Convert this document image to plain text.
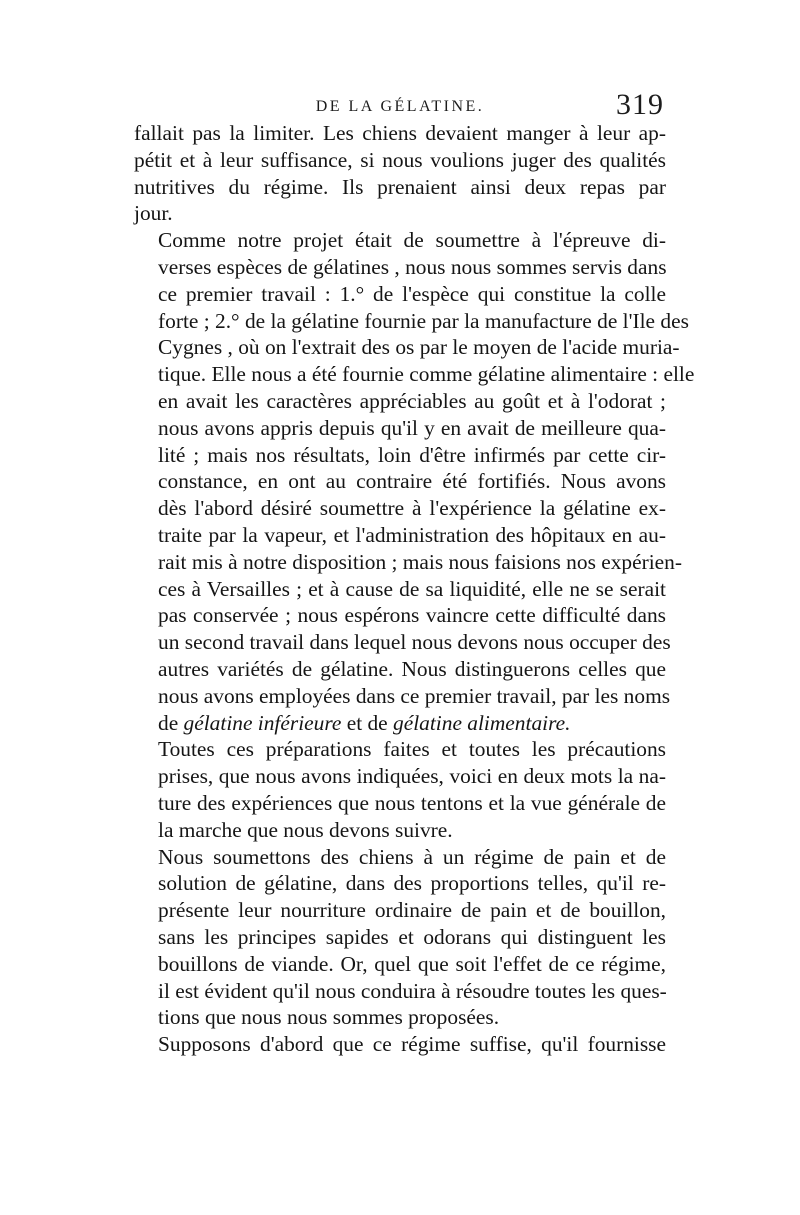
DE LA GÉLATINE.	319

fallait pas la limiter. Les chiens devaient manger à leur ap-
pétit et à leur suffisance, si nous voulions juger des qualités
nutritives du régime. Ils prenaient ainsi deux repas par
jour.

Comme notre projet était de soumettre à l'épreuve di-
verses espèces de gélatines , nous nous sommes servis dans
ce premier travail : 1.° de l'espèce qui constitue la colle
forte ; 2.° de la gélatine fournie par la manufacture de l'Ile des
Cygnes , où on l'extrait des os par le moyen de l'acide muria-
tique. Elle nous a été fournie comme gélatine alimentaire : elle
en avait les caractères appréciables au goût et à l'odorat ;
nous avons appris depuis qu'il y en avait de meilleure qua-
lité ; mais nos résultats, loin d'être infirmés par cette cir-
constance, en ont au contraire été fortifiés. Nous avons
dès l'abord désiré soumettre à l'expérience la gélatine ex-
traite par la vapeur, et l'administration des hôpitaux en au-
rait mis à notre disposition ; mais nous faisions nos expérien-
ces à Versailles ; et à cause de sa liquidité, elle ne se serait
pas conservée ; nous espérons vaincre cette difficulté dans
un second travail dans lequel nous devons nous occuper des
autres variétés de gélatine. Nous distinguerons celles que
nous avons employées dans ce premier travail, par les noms
de gélatine inférieure et de gélatine alimentaire.

Toutes ces préparations faites et toutes les précautions
prises, que nous avons indiquées, voici en deux mots la na-
ture des expériences que nous tentons et la vue générale de
la marche que nous devons suivre.

Nous soumettons des chiens à un régime de pain et de
solution de gélatine, dans des proportions telles, qu'il re-
présente leur nourriture ordinaire de pain et de bouillon,
sans les principes sapides et odorans qui distinguent les
bouillons de viande. Or, quel que soit l'effet de ce régime,
il est évident qu'il nous conduira à résoudre toutes les ques-
tions que nous nous sommes proposées.

Supposons d'abord que ce régime suffise, qu'il fournisse
